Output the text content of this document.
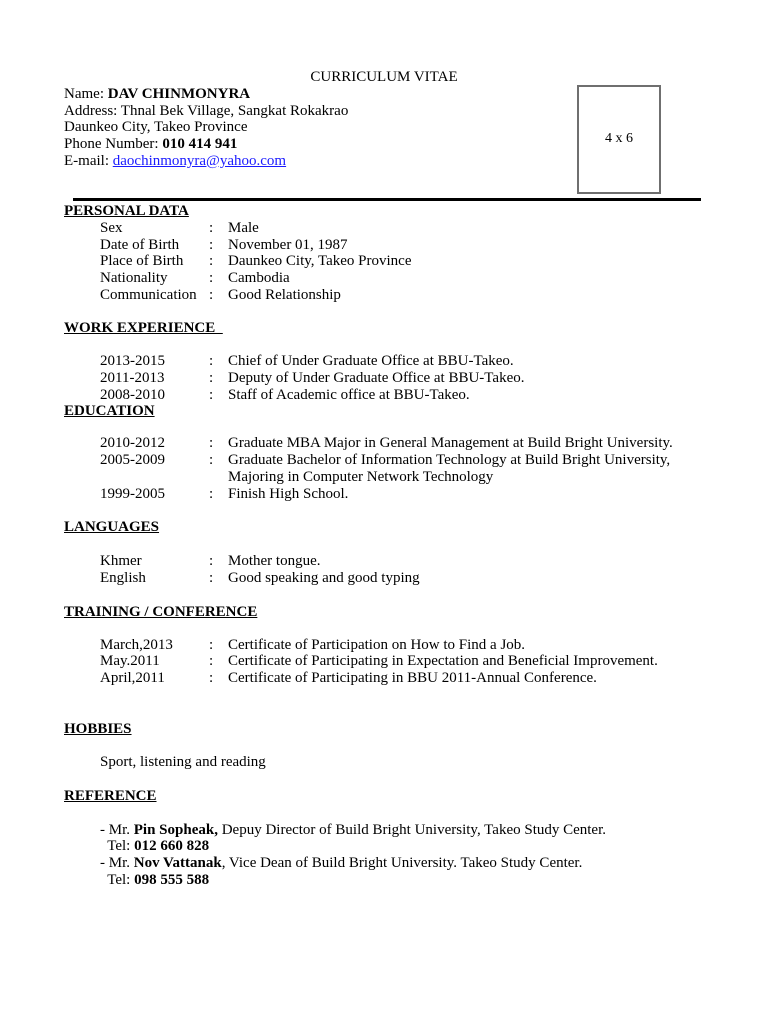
CURRICULUM VITAE
Name: DAV CHINMONYRA
Address: Thnal Bek Village, Sangkat Rokakrao
Daunkeo City, Takeo Province
Phone Number: 010 414 941
E-mail: daochinmonyra@yahoo.com
4 x 6
PERSONAL DATA
Sex	: Male
Date of Birth : November 01, 1987
Place of Birth : Daunkeo City, Takeo Province
Nationality	: Cambodia
Communication : Good Relationship
WORK EXPERIENCE
2013-2015	: Chief of Under Graduate Office at BBU-Takeo.
2011-2013	: Deputy of Under Graduate Office at BBU-Takeo.
2008-2010	: Staff of Academic office at BBU-Takeo.
EDUCATION
2010-2012	: Graduate MBA Major in General Management at Build Bright University.
2005-2009	: Graduate Bachelor of Information Technology at Build Bright University,
Majoring in Computer Network Technology
1999-2005	: Finish High School.
LANGUAGES
Khmer	: Mother tongue.
English	: Good speaking and good typing
TRAINING / CONFERENCE
March,2013 : Certificate of Participation on How to Find a Job.
May.2011	: Certificate of Participating in Expectation and Beneficial Improvement.
April,2011	: Certificate of Participating in BBU 2011-Annual Conference.
HOBBIES
Sport, listening and reading
REFERENCE
- Mr. Pin Sopheak, Depuy Director of Build Bright University, Takeo Study Center.
Tel: 012 660 828
- Mr. Nov Vattanak, Vice Dean of Build Bright University. Takeo Study Center.
Tel: 098 555 588
